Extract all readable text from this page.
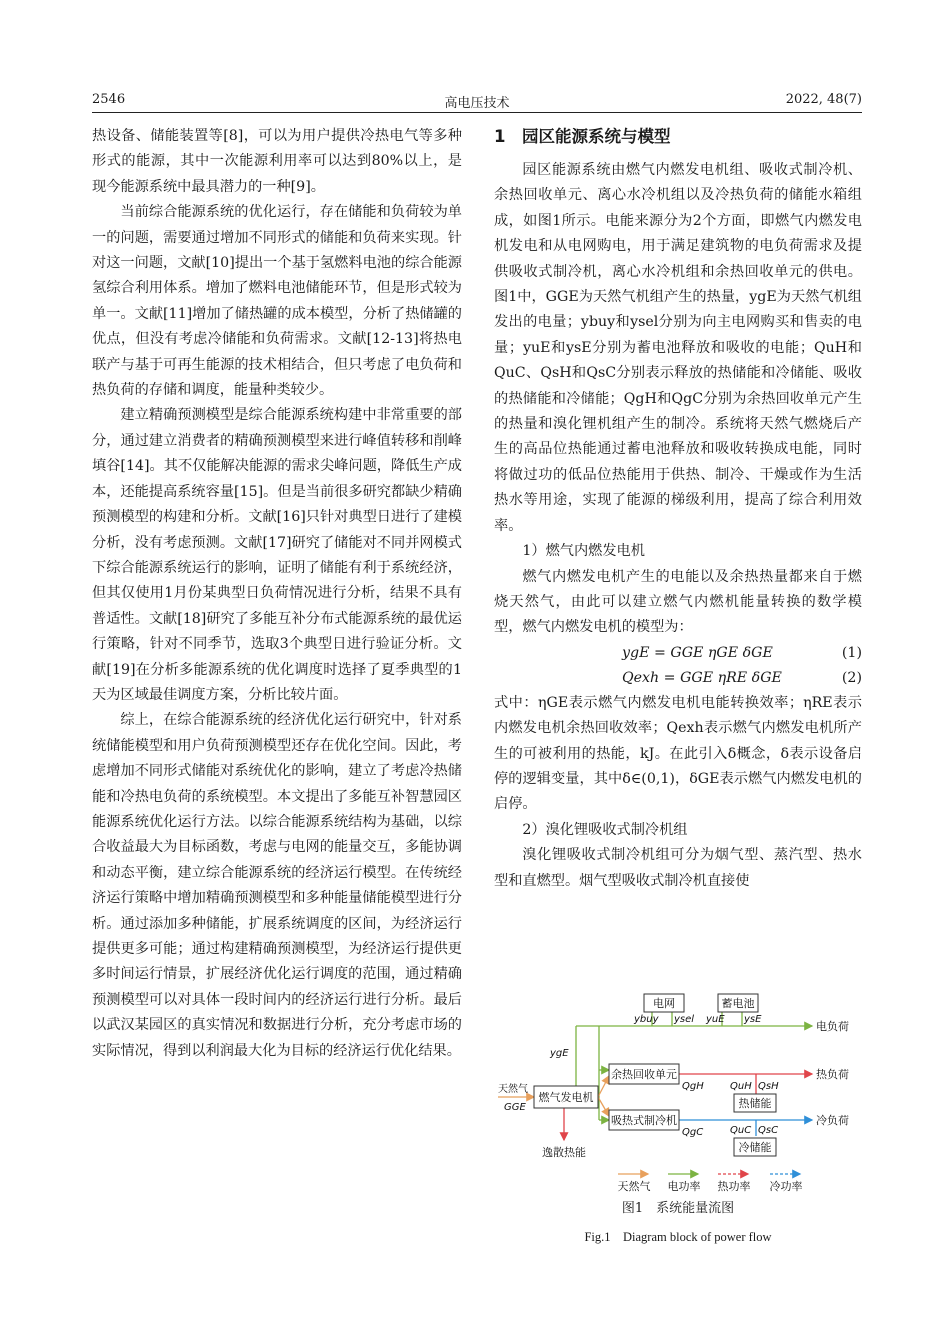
2546	高电压技术	2022, 48(7)

热设备、储能装置等[8]，可以为用户提供冷热电气等多种形式的能源，其中一次能源利用率可以达到80%以上，是现今能源系统中最具潜力的一种[9]。

当前综合能源系统的优化运行，存在储能和负荷较为单一的问题，需要通过增加不同形式的储能和负荷来实现。针对这一问题，文献[10]提出一个基于氢燃料电池的综合能源氢综合利用体系。增加了燃料电池储能环节，但是形式较为单一。文献[11]增加了储热罐的成本模型，分析了热储罐的优点，但没有考虑冷储能和负荷需求。文献[12-13]将热电联产与基于可再生能源的技术相结合，但只考虑了电负荷和热负荷的存储和调度，能量种类较少。

建立精确预测模型是综合能源系统构建中非常重要的部分，通过建立消费者的精确预测模型来进行峰值转移和削峰填谷[14]。其不仅能解决能源的需求尖峰问题，降低生产成本，还能提高系统容量[15]。但是当前很多研究都缺少精确预测模型的构建和分析。文献[16]只针对典型日进行了建模分析，没有考虑预测。文献[17]研究了储能对不同并网模式下综合能源系统运行的影响，证明了储能有利于系统经济，但其仅使用1月份某典型日负荷情况进行分析，结果不具有普适性。文献[18]研究了多能互补分布式能源系统的最优运行策略，针对不同季节，选取3个典型日进行验证分析。文献[19]在分析多能源系统的优化调度时选择了夏季典型的1天为区域最佳调度方案，分析比较片面。

综上，在综合能源系统的经济优化运行研究中，针对系统储能模型和用户负荷预测模型还存在优化空间。因此，考虑增加不同形式储能对系统优化的影响，建立了考虑冷热储能和冷热电负荷的系统模型。本文提出了多能互补智慧园区能源系统优化运行方法。以综合能源系统结构为基础，以综合收益最大为目标函数，考虑与电网的能量交互，多能协调和动态平衡，建立综合能源系统的经济运行模型。在传统经济运行策略中增加精确预测模型和多种能量储能模型进行分析。通过添加多种储能，扩展系统调度的区间，为经济运行提供更多可能；通过构建精确预测模型，为经济运行提供更多时间运行情景，扩展经济优化运行调度的范围，通过精确预测模型可以对具体一段时间内的经济运行进行分析。最后以武汉某园区的真实情况和数据进行分析，充分考虑市场的实际情况，得到以利润最大化为目标的经济运行优化结果。

1　园区能源系统与模型

园区能源系统由燃气内燃发电机组、吸收式制冷机、余热回收单元、离心水冷机组以及冷热负荷的储能水箱组成，如图1所示。电能来源分为2个方面，即燃气内燃发电机发电和从电网购电，用于满足建筑物的电负荷需求及提供吸收式制冷机，离心水冷机组和余热回收单元的供电。图1中，GGE为天然气机组产生的热量，ygE为天然气机组发出的电量；ybuy和ysel分别为向主电网购买和售卖的电量；yuE和ysE分别为蓄电池释放和吸收的电能；QuH和QuC、QsH和QsC分别表示释放的热储能和冷储能、吸收的热储能和冷储能；QgH和QgC分别为余热回收单元产生的热量和溴化锂机组产生的制冷。系统将天然气燃烧后产生的高品位热能通过蓄电池释放和吸收转换成电能，同时将做过功的低品位热能用于供热、制冷、干燥或作为生活热水等用途，实现了能源的梯级利用，提高了综合利用效率。

1）燃气内燃发电机

燃气内燃发电机产生的电能以及余热热量都来自于燃烧天然气，由此可以建立燃气内燃机能量转换的数学模型，燃气内燃发电机的模型为：

ygE = GGE ηGE δGE	(1)
Qexh = GGE ηRE δGE	(2)

式中：ηGE表示燃气内燃发电机电能转换效率；ηRE表示内燃发电机余热回收效率；Qexh表示燃气内燃发电机所产生的可被利用的热能，kJ。在此引入δ概念，δ表示设备启停的逻辑变量，其中δ∈(0,1)，δGE表示燃气内燃发电机的启停。

2）溴化锂吸收式制冷机组

溴化锂吸收式制冷机组可分为烟气型、蒸汽型、热水型和直燃型。烟气型吸收式制冷机直接使

电网	蓄电池
燃气发电机
余热回收单元
吸热式制冷机
热储能
冷储能
天然气
GGE
ygE
ybuy ysel yuE ysE
QgH
QgC
QuH QsH
QuC QsC
电负荷
热负荷
冷负荷
逸散热能
天然气 电功率 热功率 冷功率
图1　系统能量流图
Fig.1　Diagram block of power flow
